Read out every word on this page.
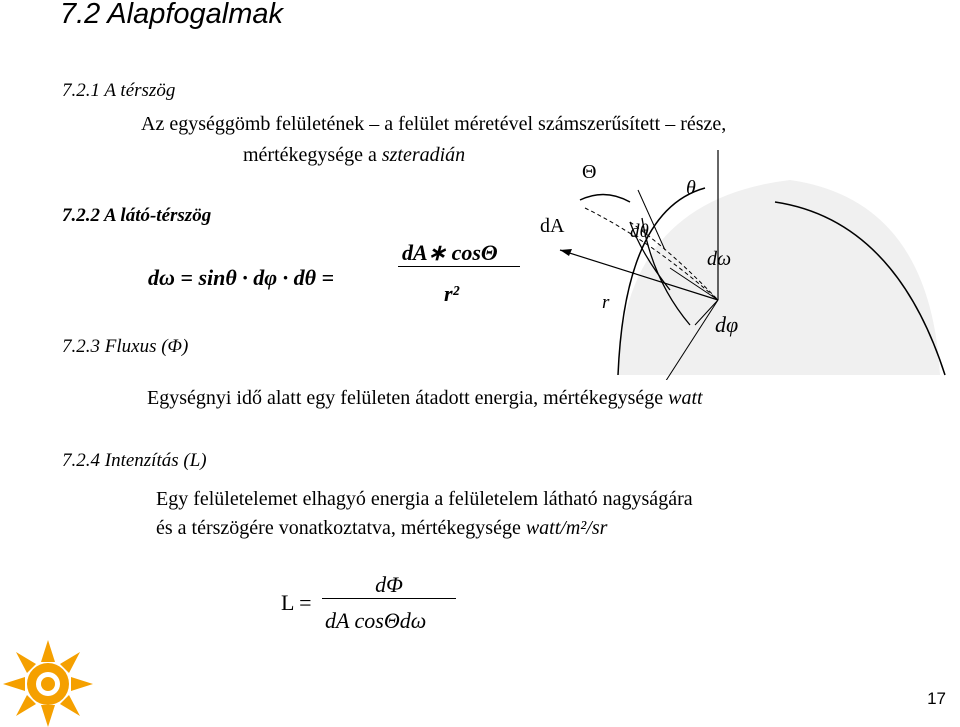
7.2 Alapfogalmak
7.2.1 A térszög
Az egységgömb felületének – a felület méretével számszerűsített – része,
mértékegysége a szteradián
7.2.2 A látó-térszög
dω = sinθ · dφ · dθ =
dA∗ cosΘ
r²
7.2.3 Fluxus (Φ)
Egységnyi idő alatt egy felületen átadott energia, mértékegysége watt
7.2.4 Intenzítás (L)
Egy felületelemet elhagyó energia a felületelem látható nagyságára
és a térszögére vonatkoztatva, mértékegysége watt/m²/sr
L =
dΦ
dA cosΘdω
Θ
θ
dA	dθ
dω
r
dφ
17
